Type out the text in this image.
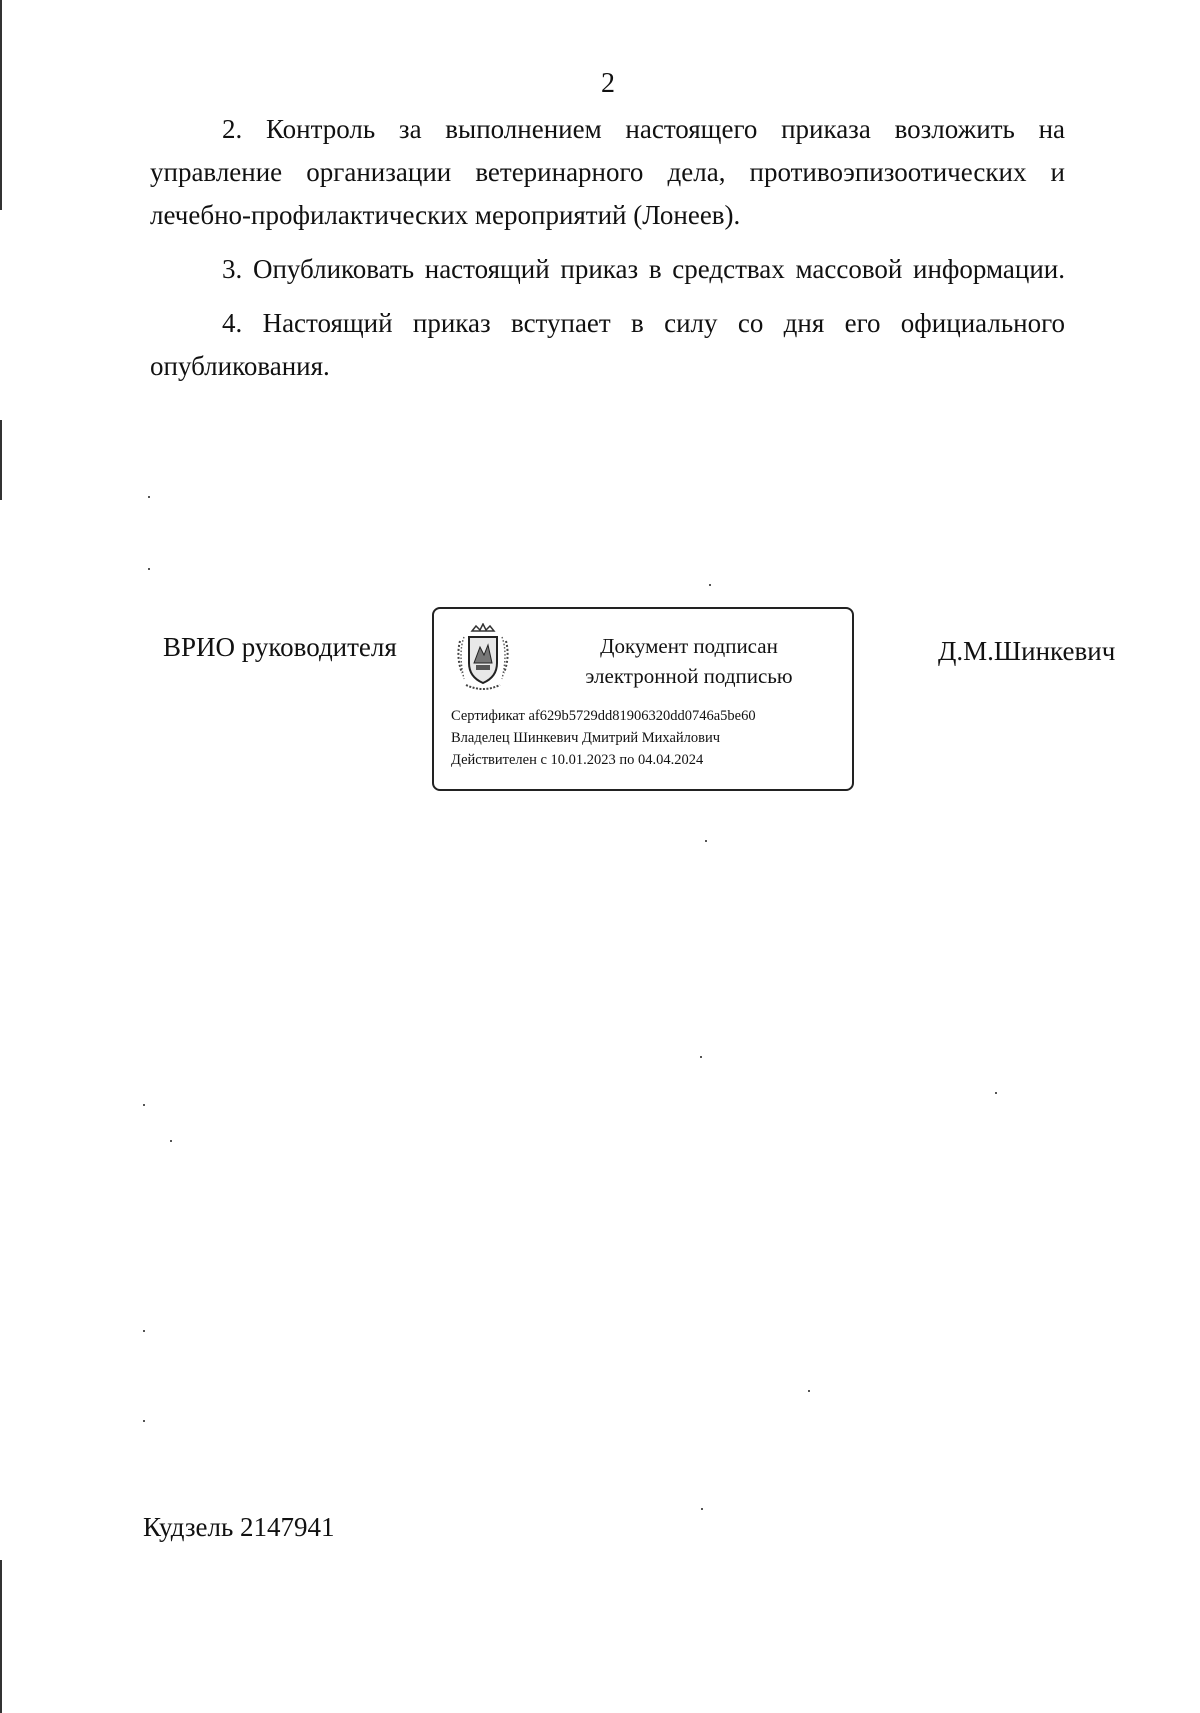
2

2. Контроль за выполнением настоящего приказа возложить на управление организации ветеринарного дела, противоэпизоотических и лечебно-профилактических мероприятий (Лонеев).

3. Опубликовать настоящий приказ в средствах массовой информации.

4. Настоящий приказ вступает в силу со дня его официального опубликования.

ВРИО руководителя	Документ подписан
электронной подписью
Сертификат af629b5729dd81906320dd0746a5be60
Владелец Шинкевич Дмитрий Михайлович
Действителен с 10.01.2023 по 04.04.2024
Д.М.Шинкевич
Кудзель 2147941
